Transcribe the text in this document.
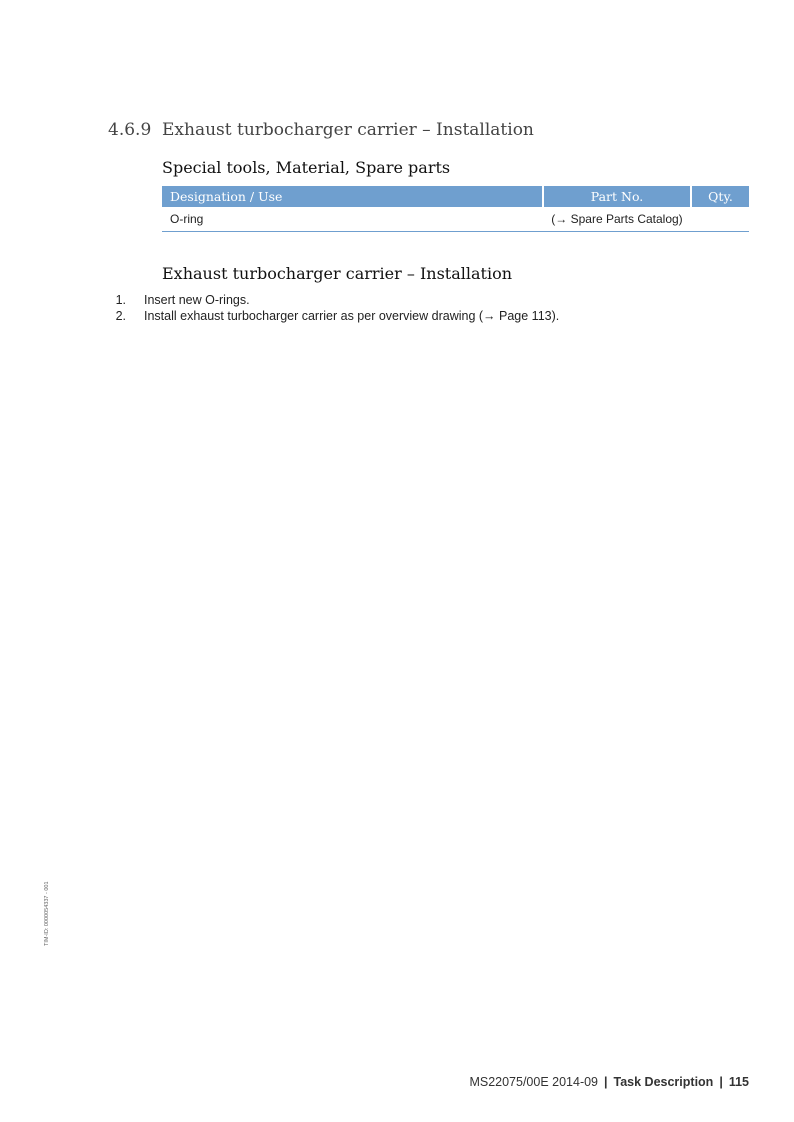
4.6.9 Exhaust turbocharger carrier – Installation
Special tools, Material, Spare parts
Designation / Use	Part No.	Qty.
O-ring	(→ Spare Parts Catalog)	
Exhaust turbocharger carrier – Installation
1. Insert new O-rings.
2. Install exhaust turbocharger carrier as per overview drawing (→ Page 113).
TIM-ID: 0000054337 - 001
MS22075/00E 2014-09 | Task Description | 115
